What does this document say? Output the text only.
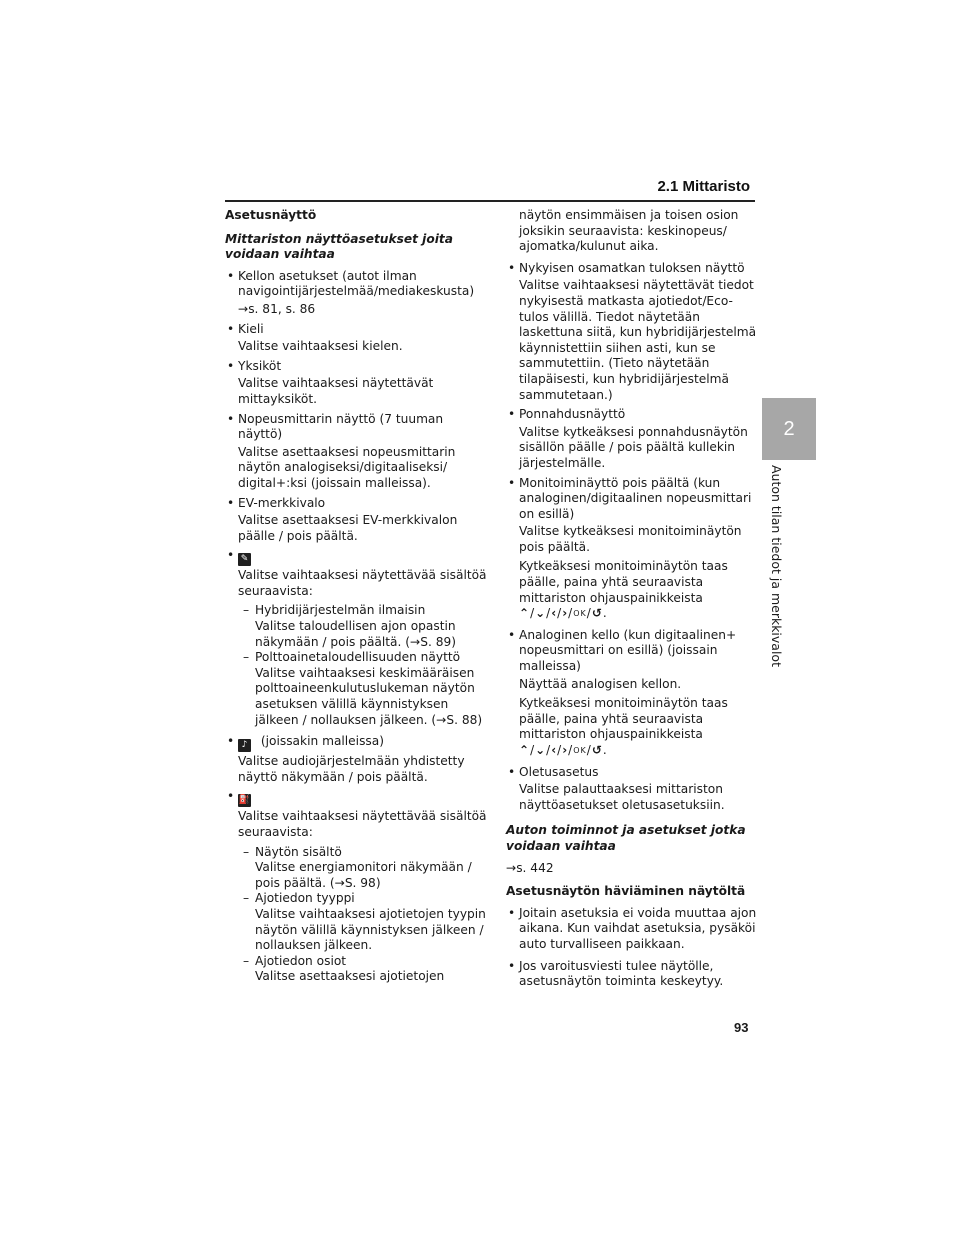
2.1 Mittaristo
2
Auton tilan tiedot ja merkkivalot
Asetusnäyttö
Mittariston näyttöasetukset joita
voidaan vaihtaa
• Kellon asetukset (autot ilman navigointijärjestelmää/mediakeskusta)

→s. 81, s. 86

• Kieli

Valitse vaihtaaksesi kielen.

• Yksiköt

Valitse vaihtaaksesi näytettävät mittayksiköt.

• Nopeusmittarin näyttö (7 tuuman näyttö)

Valitse asettaaksesi nopeusmittarin näytön analogiseksi/digitaaliseksi/ digital+:ksi (joissain malleissa).

• EV-merkkivalo

Valitse asettaaksesi EV-merkkivalon päälle / pois päältä.

• ✎
Valitse vaihtaaksesi näytettävää sisältöä seuraavista:
– Hybridijärjestelmän ilmaisin
Valitse taloudellisen ajon opastin näkymään / pois päältä. (→S. 89)
– Polttoainetaloudellisuuden näyttö
Valitse vaihtaaksesi keskimääräisen polttoaineenkulutuslukeman näytön asetuksen välillä käynnistyksen jälkeen / nollauksen jälkeen. (→S. 88)
• ♪ (joissakin malleissa)

Valitse audiojärjestelmään yhdistetty näyttö näkymään / pois päältä.

• ⛽
Valitse vaihtaaksesi näytettävää sisältöä seuraavista:
– Näytön sisältö
Valitse energiamonitori näkymään / pois päältä. (→S. 98)
– Ajotiedon tyyppi
Valitse vaihtaaksesi ajotietojen tyypin näytön välillä käynnistyksen jälkeen / nollauksen jälkeen.
– Ajotiedon osiot
Valitse asettaaksesi ajotietojen

näytön ensimmäisen ja toisen osion joksikin seuraavista: keskinopeus/ ajomatka/kulunut aika.

• Nykyisen osamatkan tuloksen näyttö

Valitse vaihtaaksesi näytettävät tiedot nykyisestä matkasta ajotiedot/Eco-tulos välillä. Tiedot näytetään laskettuna siitä, kun hybridijärjestelmä käynnistettiin siihen asti, kun se sammutettiin. (Tieto näytetään tilapäisesti, kun hybridijärjestelmä sammutetaan.)

• Ponnahdusnäyttö

Valitse kytkeäksesi ponnahdusnäytön sisällön päälle / pois päältä kullekin järjestelmälle.

• Monitoiminäyttö pois päältä (kun analoginen/digitaalinen nopeusmittari on esillä)

Valitse kytkeäksesi monitoiminäytön pois päältä.

Kytkeäksesi monitoiminäytön taas päälle, paina yhtä seuraavista mittariston ohjauspainikkeista

⌃/⌄/‹/›/OK/↺.
• Analoginen kello (kun digitaalinen+ nopeusmittari on esillä) (joissain malleissa)

Näyttää analogisen kellon.

Kytkeäksesi monitoiminäytön taas päälle, paina yhtä seuraavista mittariston ohjauspainikkeista

⌃/⌄/‹/›/OK/↺.
• Oletusasetus

Valitse palauttaaksesi mittariston näyttöasetukset oletusasetuksiin.

Auton toiminnot ja asetukset jotka
voidaan vaihtaa

→s. 442

Asetusnäytön häviäminen näytöltä
• Joitain asetuksia ei voida muuttaa ajon aikana. Kun vaihdat asetuksia, pysäköi auto turvalliseen paikkaan.
• Jos varoitusviesti tulee näytölle, asetusnäytön toiminta keskeytyy.
93
